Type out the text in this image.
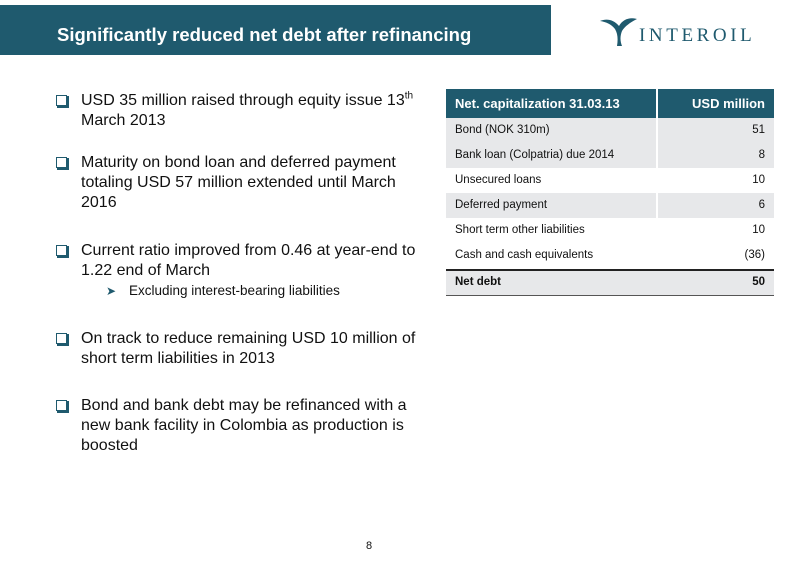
Significantly reduced net debt after refinancing	INTEROIL
USD 35 million raised through equity issue 13th March 2013
Maturity on bond loan and deferred payment totaling USD 57 million extended until March 2016
Current ratio improved from 0.46 at year-end to 1.22 end of March
➤ Excluding interest-bearing liabilities
On track to reduce remaining USD 10 million of short term liabilities in 2013
Bond and bank debt may be refinanced with a new bank facility in Colombia as production is boosted
Net. capitalization 31.03.13	USD million
Bond (NOK 310m)	51
Bank loan (Colpatria) due 2014	8
Unsecured loans	10
Deferred payment	6
Short term other liabilities	10
Cash and cash equivalents	(36)
Net debt	50
8
